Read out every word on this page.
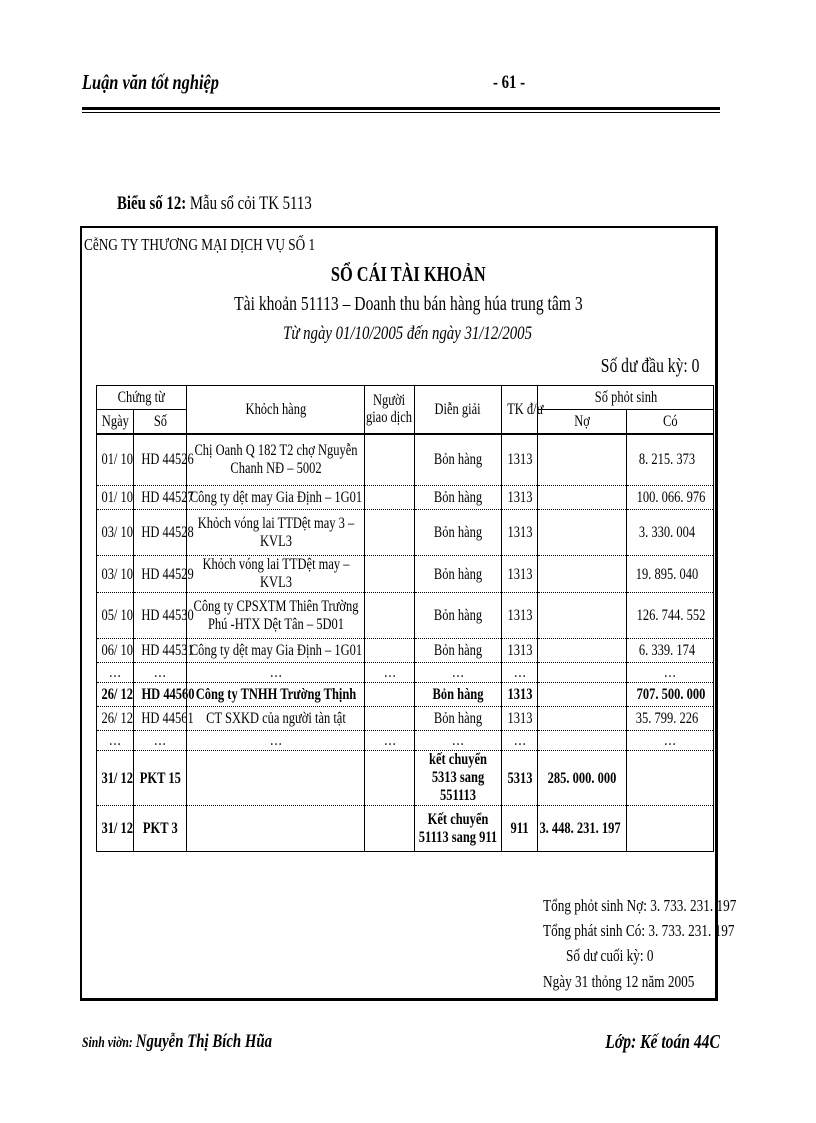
Luận văn tốt nghiệp	- 61 -
Biểu số 12: Mẫu sổ cỏi TK 5113
CễNG TY THƯƠNG MẠI DỊCH VỤ SỐ 1
SỔ CÁI TÀI KHOẢN
Tài khoản 51113 – Doanh thu bán hàng húa trung tâm 3
Từ ngày 01/10/2005 đến ngày 31/12/2005
Số dư đầu kỳ: 0
Chứng từ		Khỏch hàng	Người giao dịch	Diễn giải	TK đ/ư	Số phỏt sinh	
Ngày	Số					Nợ	Có
01/ 10	HD 44526	Chị Oanh Q 182 T2 chợ Nguyễn Chanh NĐ – 5002		Bỏn hàng	1313		8. 215. 373
01/ 10	HD 44527	Công ty dệt may Gia Định – 1G01		Bỏn hàng	1313		100. 066. 976
03/ 10	HD 44528	Khỏch vóng lai TTDệt may 3 – KVL3		Bỏn hàng	1313		3. 330. 004
03/ 10	HD 44529	Khỏch vóng lai TTDệt may – KVL3		Bỏn hàng	1313		19. 895. 040
05/ 10	HD 44530	Công ty CPSXTM Thiên Trường Phú -HTX Dệt Tân – 5D01		Bỏn hàng	1313		126. 744. 552
06/ 10	HD 44531	Công ty dệt may Gia Định – 1G01		Bỏn hàng	1313		6. 339. 174
…	…	…	…	…	…		…
26/ 12	HD 44560	Công ty TNHH Trường Thịnh		Bỏn hàng	1313		707. 500. 000
26/ 12	HD 44561	CT SXKD của người tàn tật		Bỏn hàng	1313		35. 799. 226
…	…	…	…	…	…		…
31/ 12	PKT 15			kết chuyển 5313 sang 551113	5313	285. 000. 000	
31/ 12	PKT 3			Kết chuyển 51113 sang 911	911	3. 448. 231. 197	
Tổng phỏt sinh Nợ: 3. 733. 231. 197
Tổng phát sinh Có: 3. 733. 231. 197
Số dư cuối kỳ: 0
Ngày 31 thỏng 12 năm 2005
Sinh viờn: Nguyễn Thị Bích Hũa	Lớp: Kế toán 44C
